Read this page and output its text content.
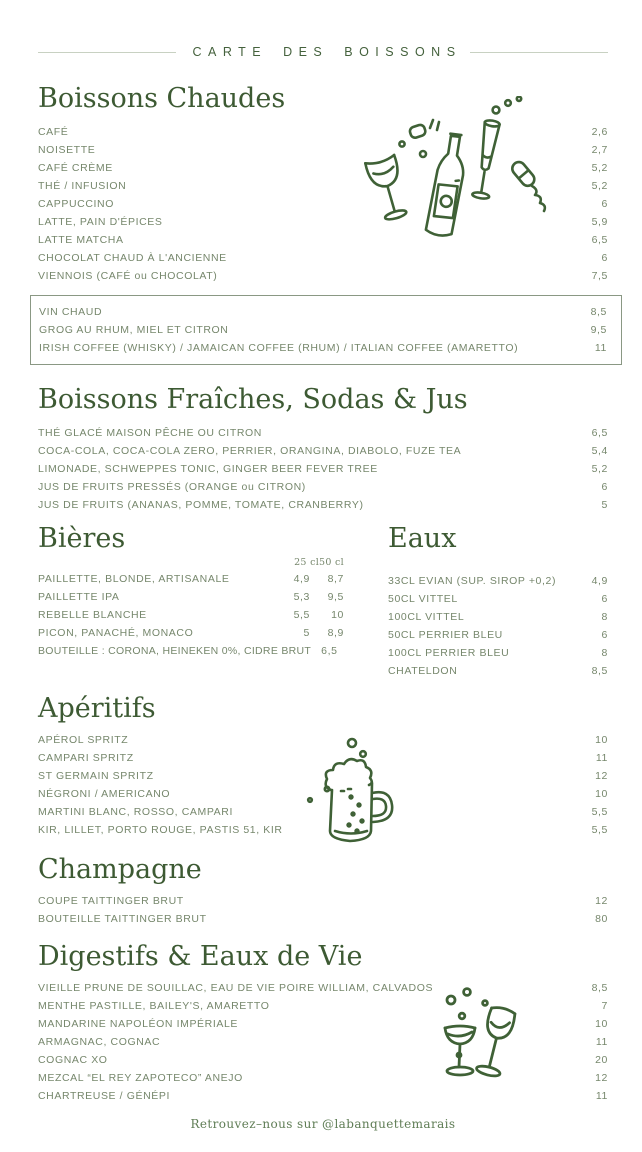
CARTE DES BOISSONS
Boissons Chaudes
CAFÉ	2,6
NOISETTE	2,7
CAFÉ CRÈME	5,2
THÉ / INFUSION	5,2
CAPPUCCINO	6
LATTE, PAIN D'ÉPICES	5,9
LATTE MATCHA	6,5
CHOCOLAT CHAUD À L'ANCIENNE	6
VIENNOIS (CAFÉ ou CHOCOLAT)	7,5
VIN CHAUD	8,5
GROG AU RHUM, MIEL ET CITRON	9,5
IRISH COFFEE (WHISKY) / JAMAICAN COFFEE (RHUM) / ITALIAN COFFEE (AMARETTO)	11
Boissons Fraîches, Sodas & Jus
THÉ GLACÉ MAISON PÊCHE OU CITRON	6,5
COCA-COLA, COCA-COLA ZERO, PERRIER, ORANGINA, DIABOLO, FUZE TEA	5,4
LIMONADE, SCHWEPPES TONIC, GINGER BEER FEVER TREE	5,2
JUS DE FRUITS PRESSÉS (ORANGE ou CITRON)	6
JUS DE FRUITS (ANANAS, POMME, TOMATE, CRANBERRY)	5
Bières
25 cl 50 cl
PAILLETTE, BLONDE, ARTISANALE	4,9	8,7
PAILLETTE IPA	5,3	9,5
REBELLE BLANCHE	5,5	10
PICON, PANACHÉ, MONACO	5	8,9
BOUTEILLE : CORONA, HEINEKEN 0%, CIDRE BRUT 6,5
Eaux
33CL EVIAN (SUP. SIROP +0,2)	4,9
50CL VITTEL	6
100CL VITTEL	8
50CL PERRIER BLEU	6
100CL PERRIER BLEU	8
CHATELDON	8,5
Apéritifs
APÉROL SPRITZ	10
CAMPARI SPRITZ	11
ST GERMAIN SPRITZ	12
NÉGRONI / AMERICANO	10
MARTINI BLANC, ROSSO, CAMPARI	5,5
KIR, LILLET, PORTO ROUGE, PASTIS 51, KIR	5,5
Champagne
COUPE TAITTINGER BRUT	12
BOUTEILLE TAITTINGER BRUT	80
Digestifs & Eaux de Vie
VIEILLE PRUNE DE SOUILLAC, EAU DE VIE POIRE WILLIAM, CALVADOS	8,5
MENTHE PASTILLE, BAILEY'S, AMARETTO	7
MANDARINE NAPOLÉON IMPÉRIALE	10
ARMAGNAC, COGNAC	11
COGNAC XO	20
MEZCAL “EL REY ZAPOTECO” ANEJO	12
CHARTREUSE / GÉNÉPI	11
Retrouvez–nous sur @labanquettemarais
